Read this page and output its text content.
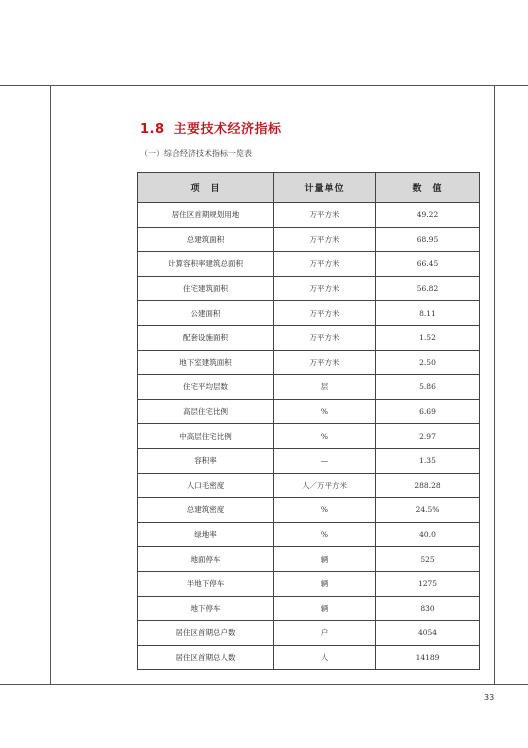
1.8 主要技术经济指标
（一）综合经济技术指标一览表
项　目	计量单位	数　值
居住区首期规划用地	万平方米	49.22
总建筑面积	万平方米	68.95
计算容积率建筑总面积	万平方米	66.45
住宅建筑面积	万平方米	56.82
公建面积	万平方米	8.11
配套设施面积	万平方米	1.52
地下室建筑面积	万平方米	2.50
住宅平均层数	层	5.86
高层住宅比例	%	6.69
中高层住宅比例	%	2.97
容积率	—	1.35
人口毛密度	人／万平方米	288.28
总建筑密度	%	24.5%
绿地率	%	40.0
地面停车	辆	525
半地下停车	辆	1275
地下停车	辆	830
居住区首期总户数	户	4054
居住区首期总人数	人	14189
33
